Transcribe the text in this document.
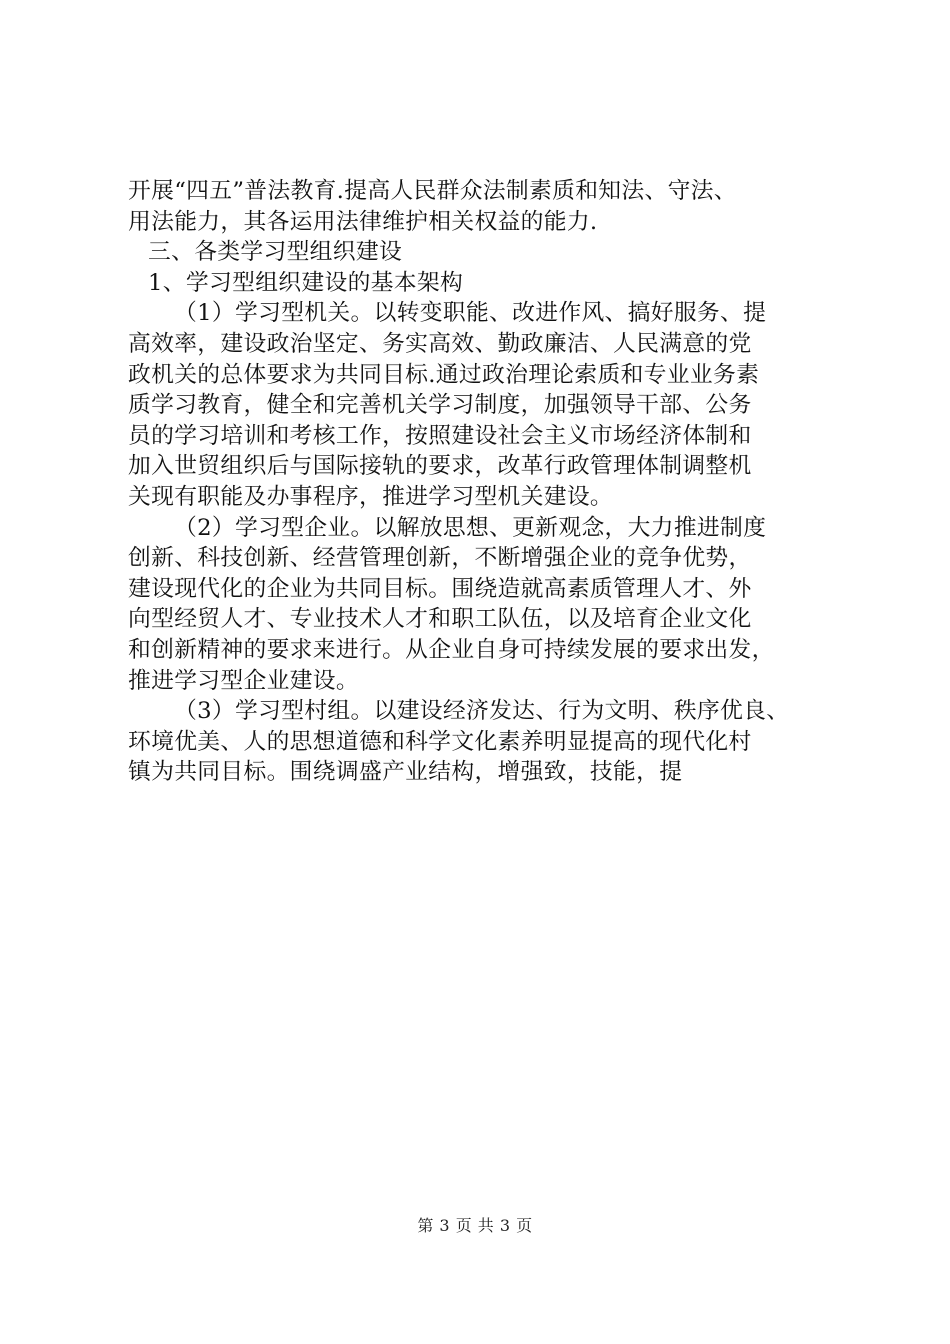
开展“四五”普法教育.提高人民群众法制素质和知法、守法、
用法能力，其各运用法律维护相关权益的能力.
三、各类学习型组织建设
1、学习型组织建设的基本架构
（1）学习型机关。以转变职能、改进作风、搞好服务、提
高效率，建设政治坚定、务实高效、勤政廉洁、人民满意的党
政机关的总体要求为共同目标.通过政治理论索质和专业业务素
质学习教育，健全和完善机关学习制度，加强领导干部、公务
员的学习培训和考核工作，按照建设社会主义市场经济体制和
加入世贸组织后与国际接轨的要求，改革行政管理体制调整机
关现有职能及办事程序，推进学习型机关建设。
（2）学习型企业。以解放思想、更新观念，大力推进制度
创新、科技创新、经营管理创新，不断增强企业的竞争优势，
建设现代化的企业为共同目标。围绕造就高素质管理人才、外
向型经贸人才、专业技术人才和职工队伍，以及培育企业文化
和创新精神的要求来进行。从企业自身可持续发展的要求出发，
推进学习型企业建设。
（3）学习型村组。以建设经济发达、行为文明、秩序优良、
环境优美、人的思想道德和科学文化素养明显提高的现代化村
镇为共同目标。围绕调盛产业结构，增强致，技能，提
第 3 页 共 3 页
